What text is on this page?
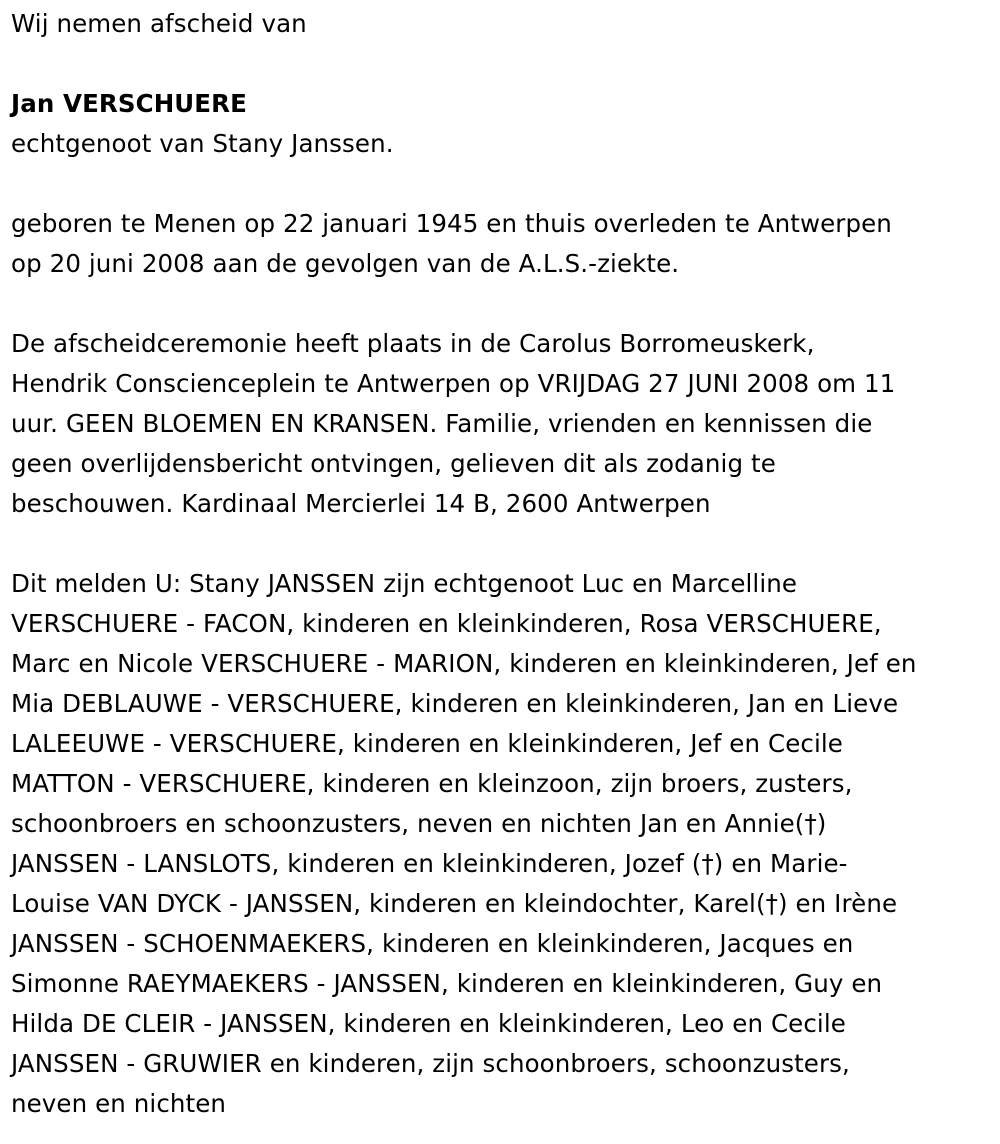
Wij nemen afscheid van
Jan VERSCHUERE
echtgenoot van Stany Janssen.
geboren te Menen op 22 januari 1945 en thuis overleden te Antwerpen
op 20 juni 2008 aan de gevolgen van de A.L.S.-ziekte.
De afscheidceremonie heeft plaats in de Carolus Borromeuskerk,
Hendrik Conscienceplein te Antwerpen op VRIJDAG 27 JUNI 2008 om 11
uur. GEEN BLOEMEN EN KRANSEN. Familie, vrienden en kennissen die
geen overlijdensbericht ontvingen, gelieven dit als zodanig te
beschouwen. Kardinaal Mercierlei 14 B, 2600 Antwerpen
Dit melden U: Stany JANSSEN zijn echtgenoot Luc en Marcelline
VERSCHUERE - FACON, kinderen en kleinkinderen, Rosa VERSCHUERE,
Marc en Nicole VERSCHUERE - MARION, kinderen en kleinkinderen, Jef en
Mia DEBLAUWE - VERSCHUERE, kinderen en kleinkinderen, Jan en Lieve
LALEEUWE - VERSCHUERE, kinderen en kleinkinderen, Jef en Cecile
MATTON - VERSCHUERE, kinderen en kleinzoon, zijn broers, zusters,
schoonbroers en schoonzusters, neven en nichten Jan en Annie(†)
JANSSEN - LANSLOTS, kinderen en kleinkinderen, Jozef (†) en Marie-
Louise VAN DYCK - JANSSEN, kinderen en kleindochter, Karel(†) en Irène
JANSSEN - SCHOENMAEKERS, kinderen en kleinkinderen, Jacques en
Simonne RAEYMAEKERS - JANSSEN, kinderen en kleinkinderen, Guy en
Hilda DE CLEIR - JANSSEN, kinderen en kleinkinderen, Leo en Cecile
JANSSEN - GRUWIER en kinderen, zijn schoonbroers, schoonzusters,
neven en nichten
